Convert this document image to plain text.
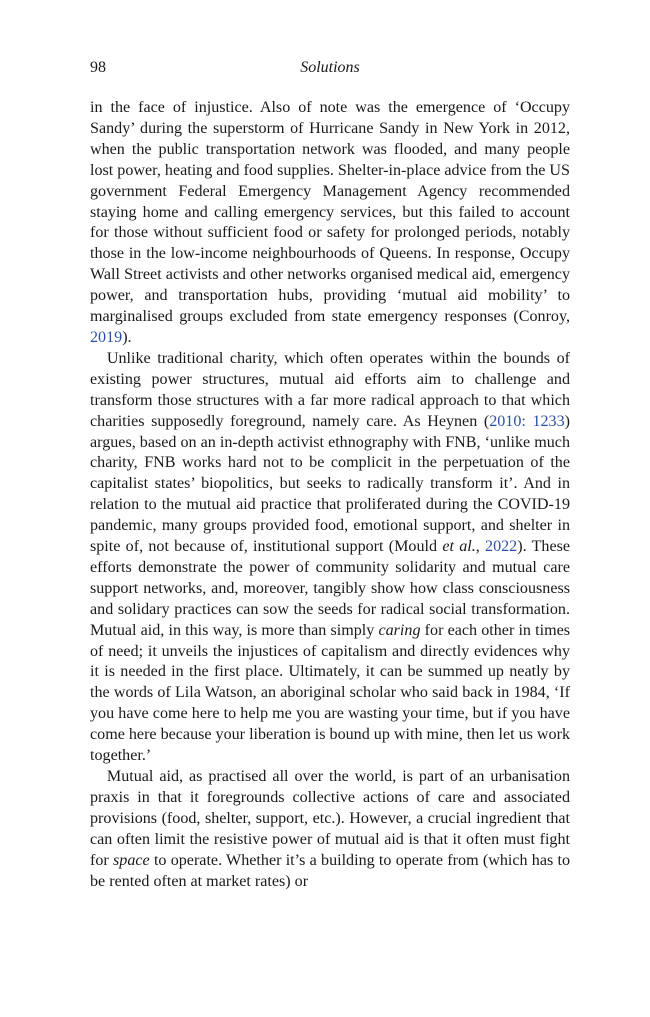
98	Solutions

in the face of injustice. Also of note was the emergence of ‘Occupy Sandy’ during the superstorm of Hurricane Sandy in New York in 2012, when the public transportation network was flooded, and many people lost power, heating and food supplies. Shelter-in-place advice from the US government Federal Emergency Management Agency recommended staying home and calling emergency services, but this failed to account for those without sufficient food or safety for prolonged periods, notably those in the low-income neighbourhoods of Queens. In response, Occupy Wall Street activists and other networks organised medical aid, emergency power, and transportation hubs, providing ‘mutual aid mobility’ to marginalised groups excluded from state emergency responses (Conroy, 2019).

Unlike traditional charity, which often operates within the bounds of existing power structures, mutual aid efforts aim to challenge and transform those structures with a far more radical approach to that which charities supposedly foreground, namely care. As Heynen (2010: 1233) argues, based on an in-depth activist ethnography with FNB, ‘unlike much charity, FNB works hard not to be complicit in the perpetuation of the capitalist states’ biopolitics, but seeks to radically transform it’. And in relation to the mutual aid practice that proliferated during the COVID-19 pandemic, many groups provided food, emotional support, and shelter in spite of, not because of, institutional support (Mould et al., 2022). These efforts demonstrate the power of community solidarity and mutual care support networks, and, moreover, tangibly show how class consciousness and solidary practices can sow the seeds for radical social transformation. Mutual aid, in this way, is more than simply caring for each other in times of need; it unveils the injustices of capitalism and directly evidences why it is needed in the first place. Ultimately, it can be summed up neatly by the words of Lila Watson, an aboriginal scholar who said back in 1984, ‘If you have come here to help me you are wasting your time, but if you have come here because your liberation is bound up with mine, then let us work together.’

Mutual aid, as practised all over the world, is part of an urbanisation praxis in that it foregrounds collective actions of care and associated provisions (food, shelter, support, etc.). However, a crucial ingredient that can often limit the resistive power of mutual aid is that it often must fight for space to operate. Whether it’s a building to operate from (which has to be rented often at market rates) or
